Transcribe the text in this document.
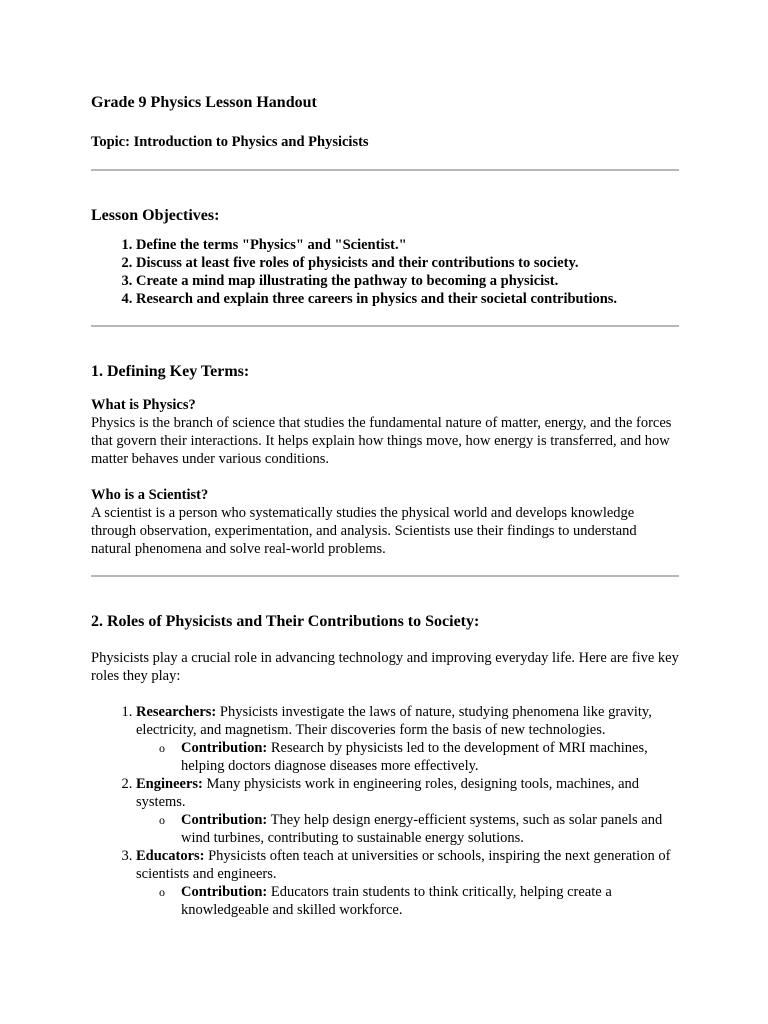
Grade 9 Physics Lesson Handout

Topic: Introduction to Physics and Physicists

Lesson Objectives:
1. Define the terms "Physics" and "Scientist."
2. Discuss at least five roles of physicists and their contributions to society.
3. Create a mind map illustrating the pathway to becoming a physicist.
4. Research and explain three careers in physics and their societal contributions.
1. Defining Key Terms:

What is Physics?

Physics is the branch of science that studies the fundamental nature of matter, energy, and the forces that govern their interactions. It helps explain how things move, how energy is transferred, and how matter behaves under various conditions.

Who is a Scientist?

A scientist is a person who systematically studies the physical world and develops knowledge through observation, experimentation, and analysis. Scientists use their findings to understand natural phenomena and solve real-world problems.

2. Roles of Physicists and Their Contributions to Society:

Physicists play a crucial role in advancing technology and improving everyday life. Here are five key roles they play:

1. Researchers: Physicists investigate the laws of nature, studying phenomena like gravity, electricity, and magnetism. Their discoveries form the basis of new technologies.
o Contribution: Research by physicists led to the development of MRI machines, helping doctors diagnose diseases more effectively.
2. Engineers: Many physicists work in engineering roles, designing tools, machines, and systems.
o Contribution: They help design energy-efficient systems, such as solar panels and wind turbines, contributing to sustainable energy solutions.
3. Educators: Physicists often teach at universities or schools, inspiring the next generation of scientists and engineers.
o Contribution: Educators train students to think critically, helping create a knowledgeable and skilled workforce.
